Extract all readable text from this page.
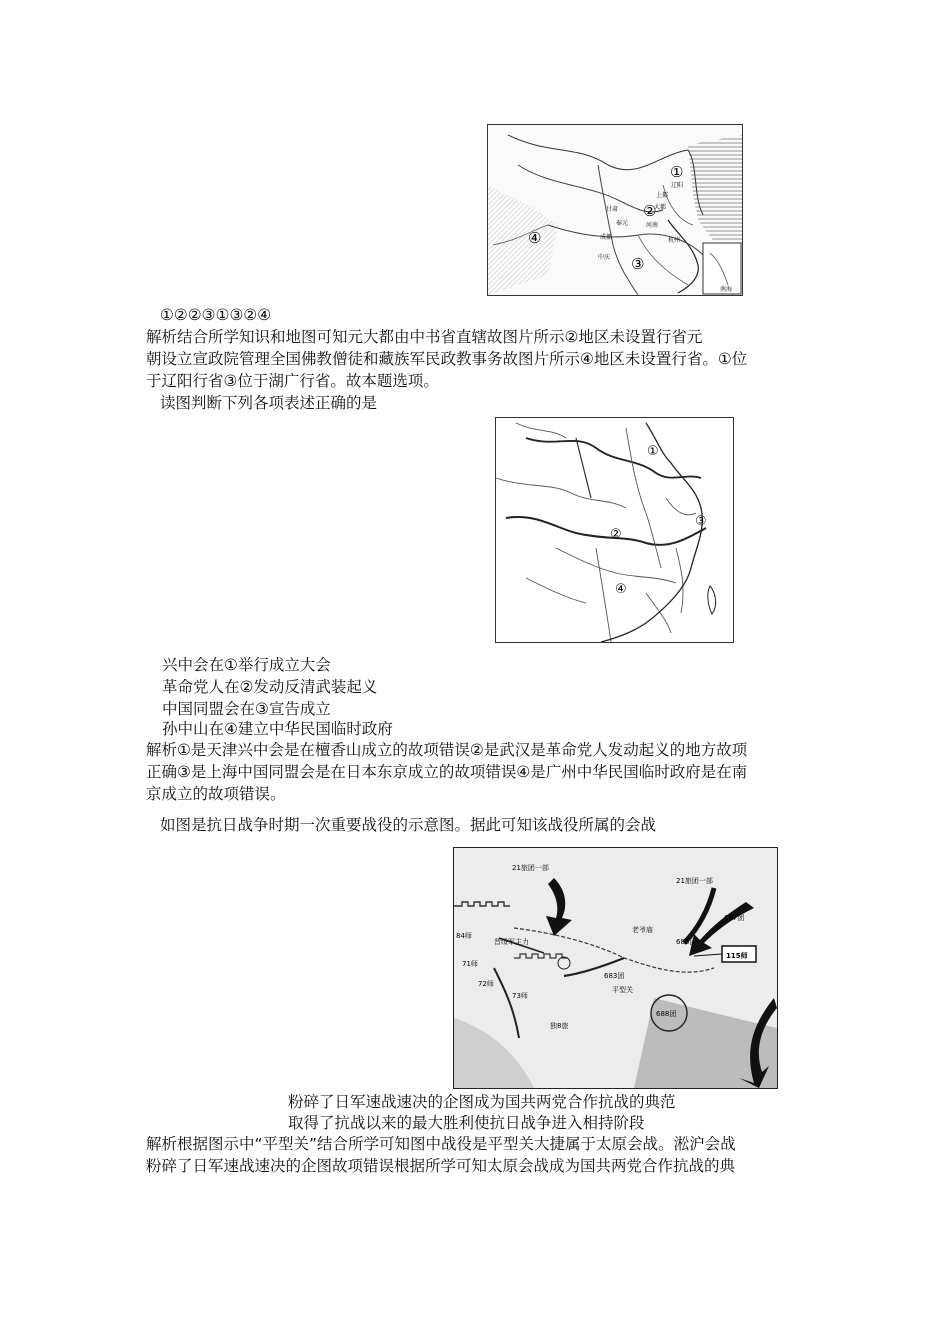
辽阳
上都
大都
甘肃
奉元	河南
成都	杭州
中庆
南海
①
②
③
④
①②②③①③②④
解析结合所学知识和地图可知元大都由中书省直辖故图片所示②地区未设置行省元
朝设立宣政院管理全国佛教僧徒和藏族军民政教事务故图片所示④地区未设置行省。①位
于辽阳行省③位于湖广行省。故本题选项。
读图判断下列各项表述正确的是
①
②
③
④
兴中会在①举行成立大会
革命党人在②发动反清武装起义
中国同盟会在③宣告成立
孙中山在④建立中华民国临时政府
解析①是天津兴中会是在檀香山成立的故项错误②是武汉是革命党人发动起义的地方故项
正确③是上海中国同盟会是在日本东京成立的故项错误④是广州中华民国临时政府是在南
京成立的故项错误。
如图是抗日战争时期一次重要战役的示意图。据此可知该战役所属的会战
21旅团一部
21旅团一部
687团
84师
老爷庙
686团
115师
71师
72师
73师
683团
平型关
独8旅
688团
晋绥军主力
粉碎了日军速战速决的企图成为国共两党合作抗战的典范
取得了抗战以来的最大胜利使抗日战争进入相持阶段
解析根据图示中“平型关”结合所学可知图中战役是平型关大捷属于太原会战。淞沪会战
粉碎了日军速战速决的企图故项错误根据所学可知太原会战成为国共两党合作抗战的典
